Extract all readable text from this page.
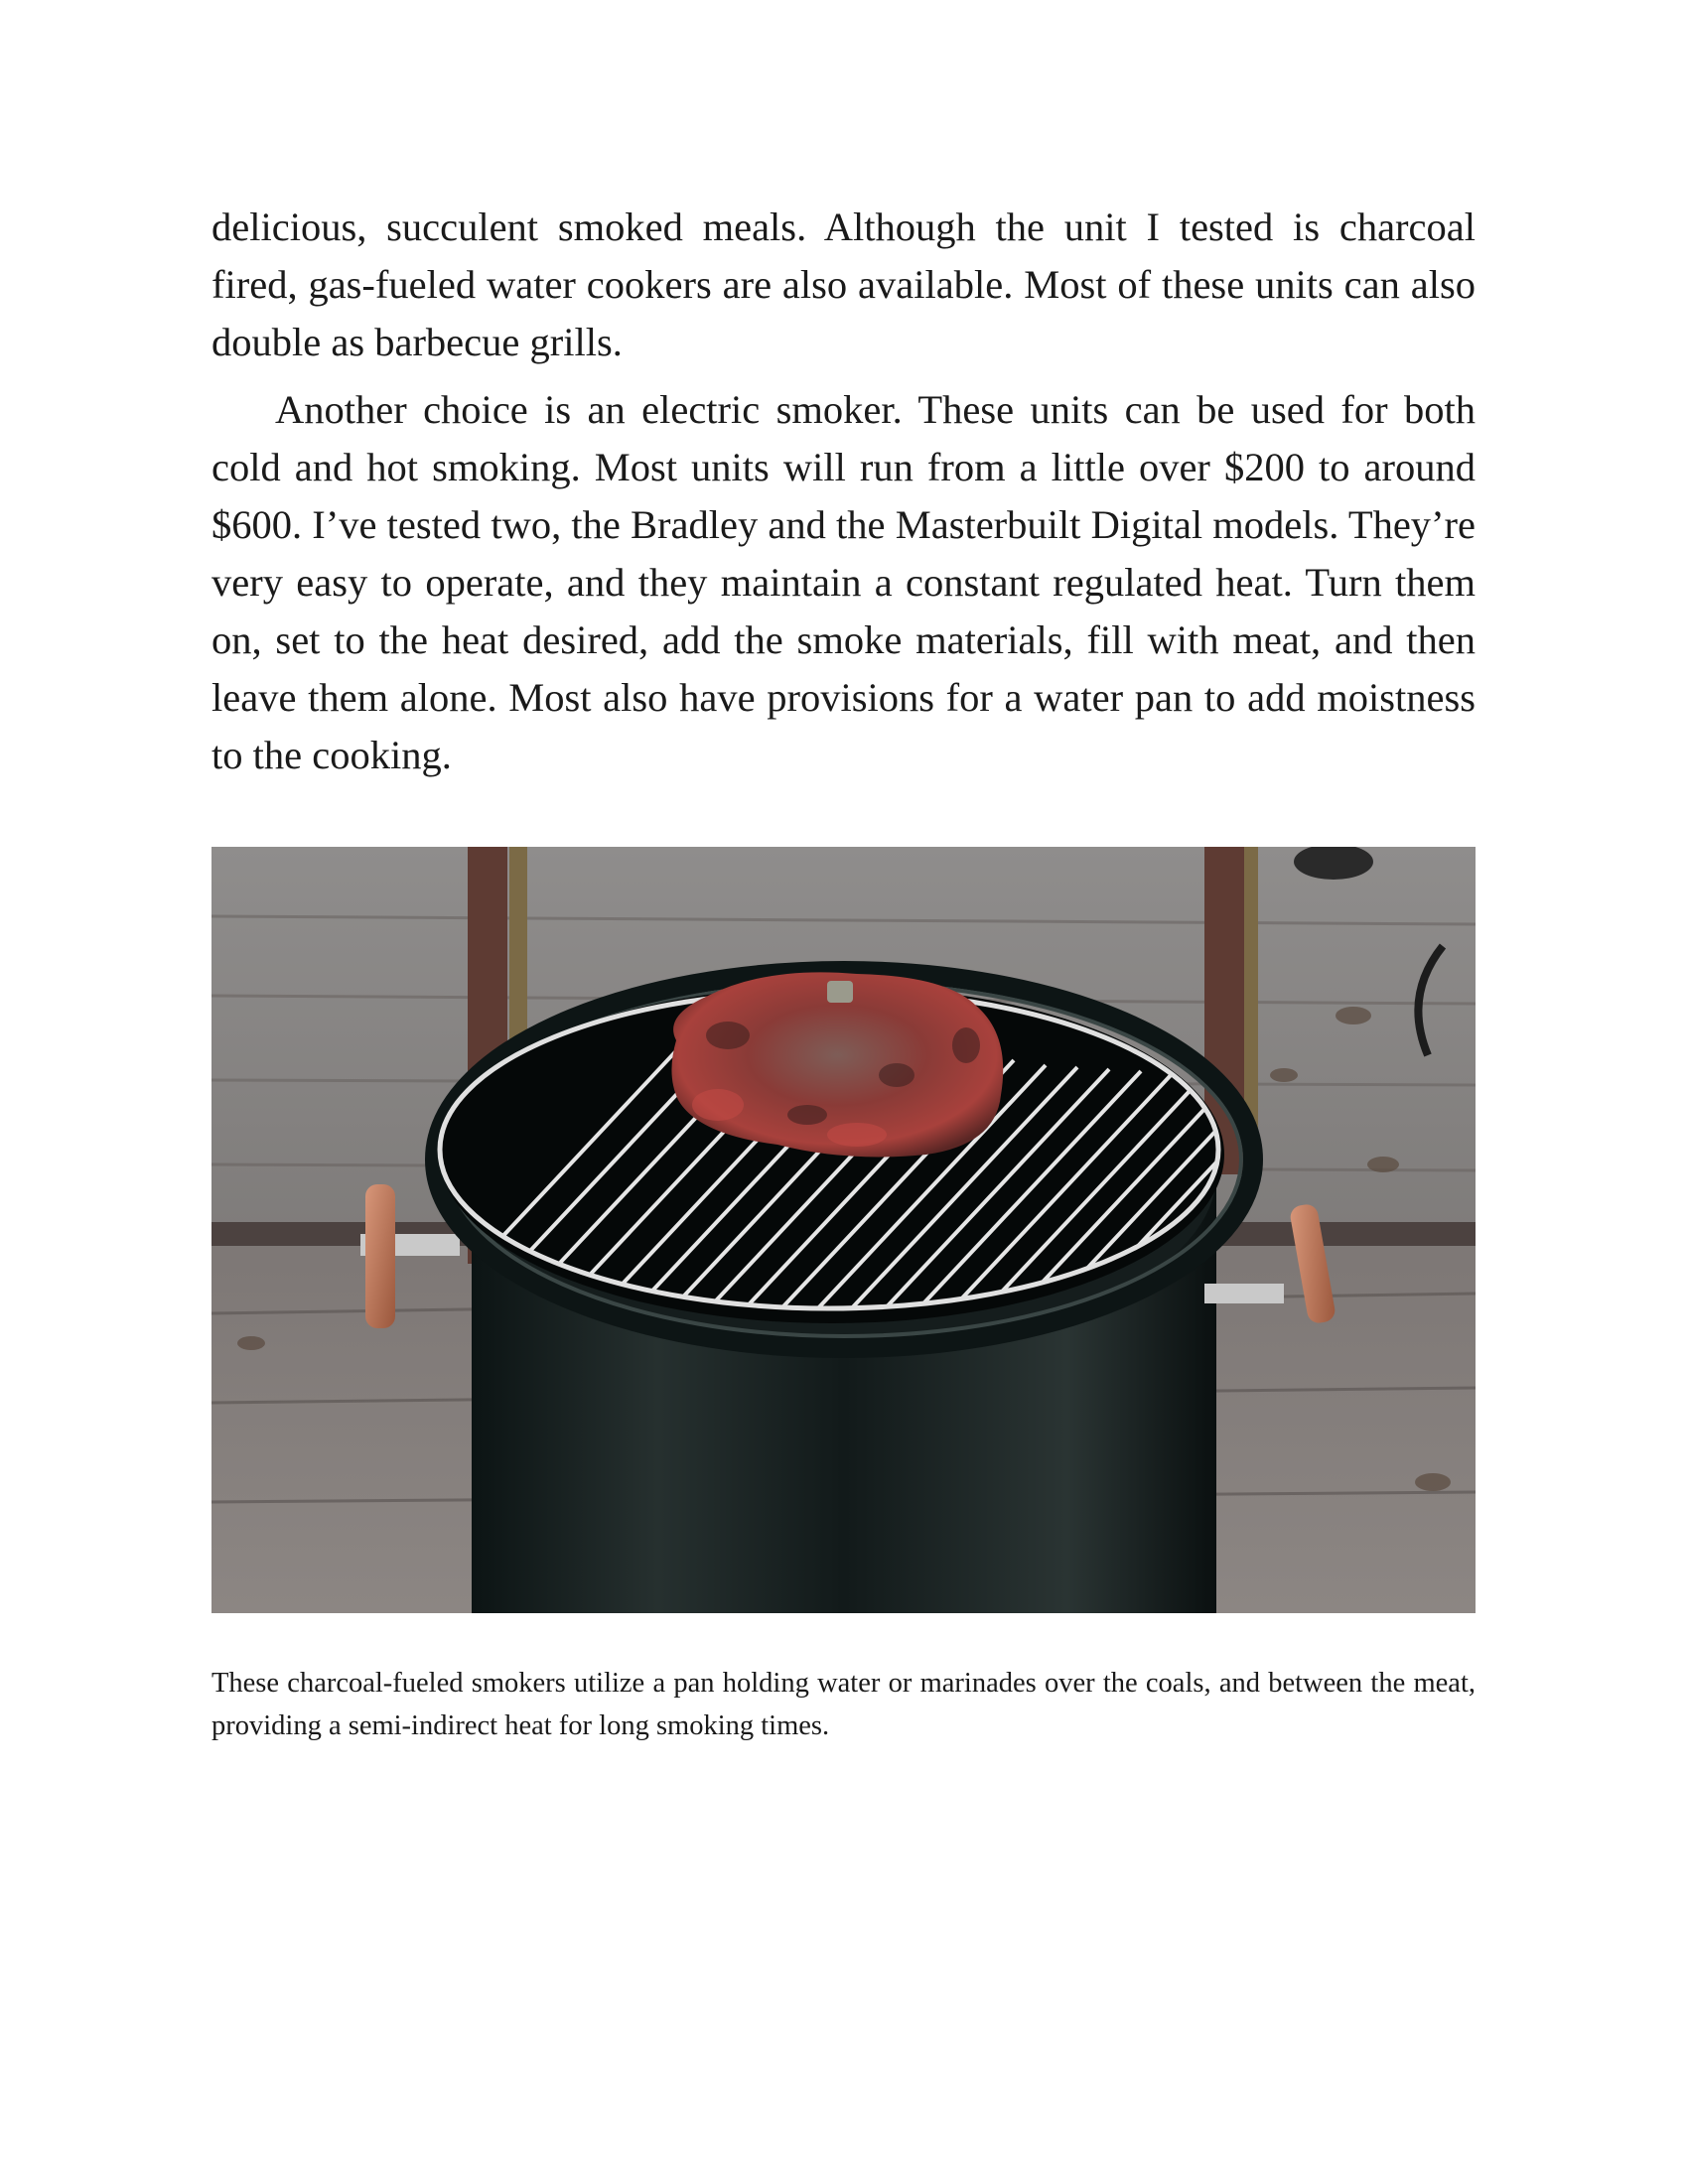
delicious, succulent smoked meals. Although the unit I tested is charcoal fired, gas-fueled water cookers are also available. Most of these units can also double as barbecue grills.

Another choice is an electric smoker. These units can be used for both cold and hot smoking. Most units will run from a little over $200 to around $600. I’ve tested two, the Bradley and the Masterbuilt Digital models. They’re very easy to operate, and they maintain a constant regulated heat. Turn them on, set to the heat desired, add the smoke materials, fill with meat, and then leave them alone. Most also have provisions for a water pan to add moistness to the cooking.

These charcoal-fueled smokers utilize a pan holding water or marinades over the coals, and between the meat, providing a semi-indirect heat for long smoking times.
